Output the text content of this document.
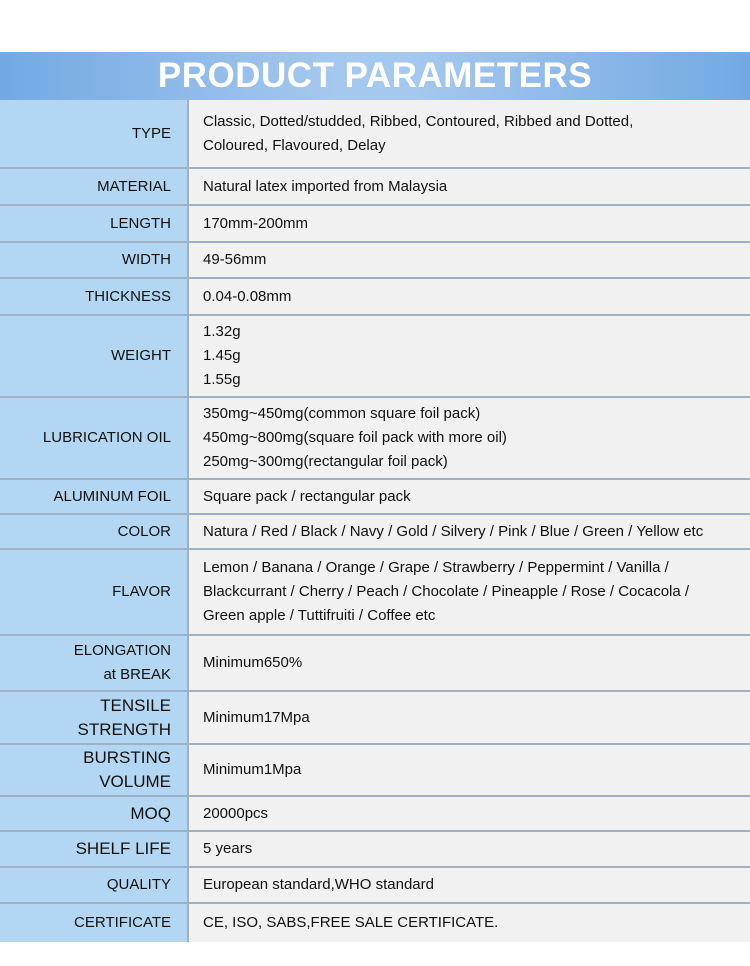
PRODUCT PARAMETERS
TYPE
Classic, Dotted/studded, Ribbed, Contoured, Ribbed and Dotted,
Coloured, Flavoured, Delay
MATERIAL Natural latex imported from Malaysia
LENGTH 170mm-200mm
WIDTH 49-56mm
THICKNESS 0.04-0.08mm
WEIGHT
1.32g
1.45g
1.55g
LUBRICATION OIL
350mg~450mg(common square foil pack)
450mg~800mg(square foil pack with more oil)
250mg~300mg(rectangular foil pack)
ALUMINUM FOIL Square pack / rectangular pack
COLOR Natura / Red / Black / Navy / Gold / Silvery / Pink / Blue / Green / Yellow etc
FLAVOR
Lemon / Banana / Orange / Grape / Strawberry / Peppermint / Vanilla /
Blackcurrant / Cherry / Peach / Chocolate / Pineapple / Rose / Cocacola /
Green apple / Tuttifruiti / Coffee etc
ELONGATION
at BREAK
Minimum650%
TENSILE
STRENGTH
Minimum17Mpa
BURSTING
VOLUME
Minimum1Mpa
MOQ 20000pcs
SHELF LIFE 5 years
QUALITY European standard,WHO standard
CERTIFICATE CE, ISO, SABS,FREE SALE CERTIFICATE.
